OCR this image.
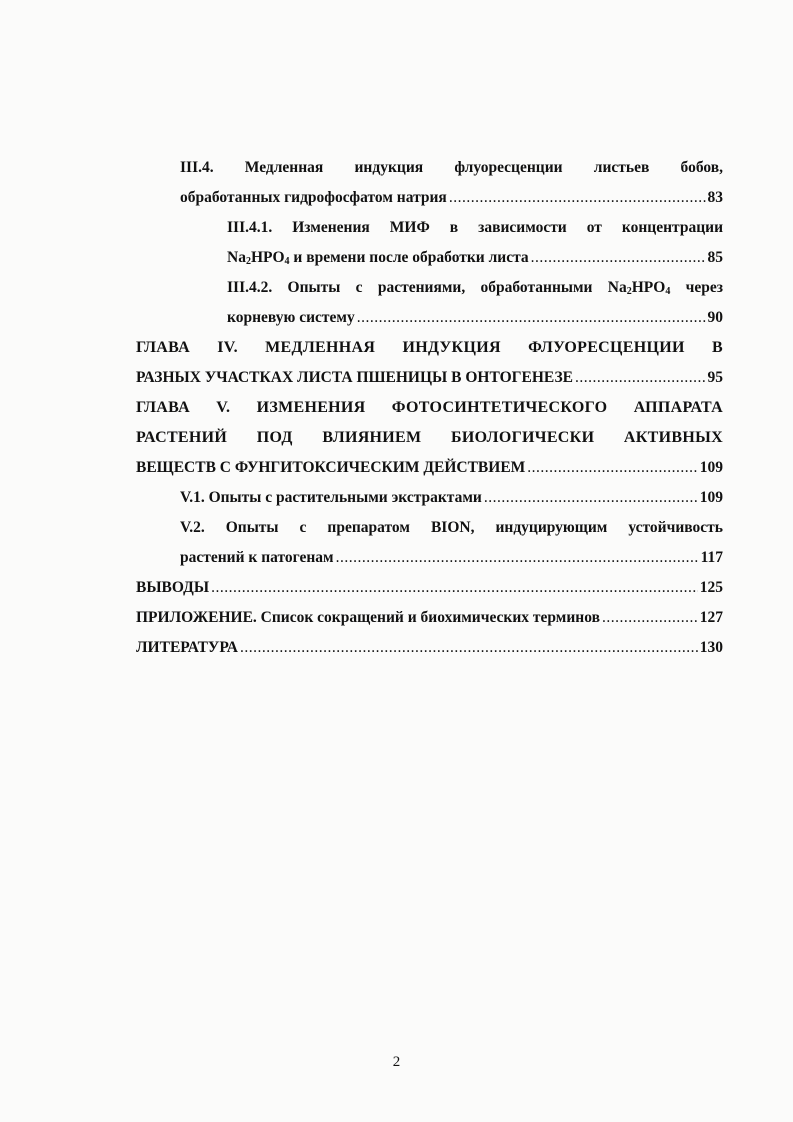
III.4. Медленная индукция флуоресценции листьев бобов,
обработанных гидрофосфатом натрия .....	83
III.4.1. Изменения МИФ в зависимости от концентрации
$Na_2HPO_4$ и времени после обработки листа .....	85
III.4.2. Опыты с растениями, обработанными $Na_2HPO_4$ через
корневую систему .....	90
ГЛАВА IV. МЕДЛЕННАЯ ИНДУКЦИЯ ФЛУОРЕСЦЕНЦИИ В
РАЗНЫХ УЧАСТКАХ ЛИСТА ПШЕНИЦЫ В ОНТОГЕНЕЗЕ .....	95
ГЛАВА V. ИЗМЕНЕНИЯ ФОТОСИНТЕТИЧЕСКОГО АППАРАТА
РАСТЕНИЙ ПОД ВЛИЯНИЕМ БИОЛОГИЧЕСКИ АКТИВНЫХ
ВЕЩЕСТВ С ФУНГИТОКСИЧЕСКИМ ДЕЙСТВИЕМ .....	109
V.1. Опыты с растительными экстрактами .....	109
V.2. Опыты с препаратом BION, индуцирующим устойчивость
растений к патогенам .....	117
ВЫВОДЫ .....	125
ПРИЛОЖЕНИЕ. Список сокращений и биохимических терминов .....	127
ЛИТЕРАТУРА .....	130
2
